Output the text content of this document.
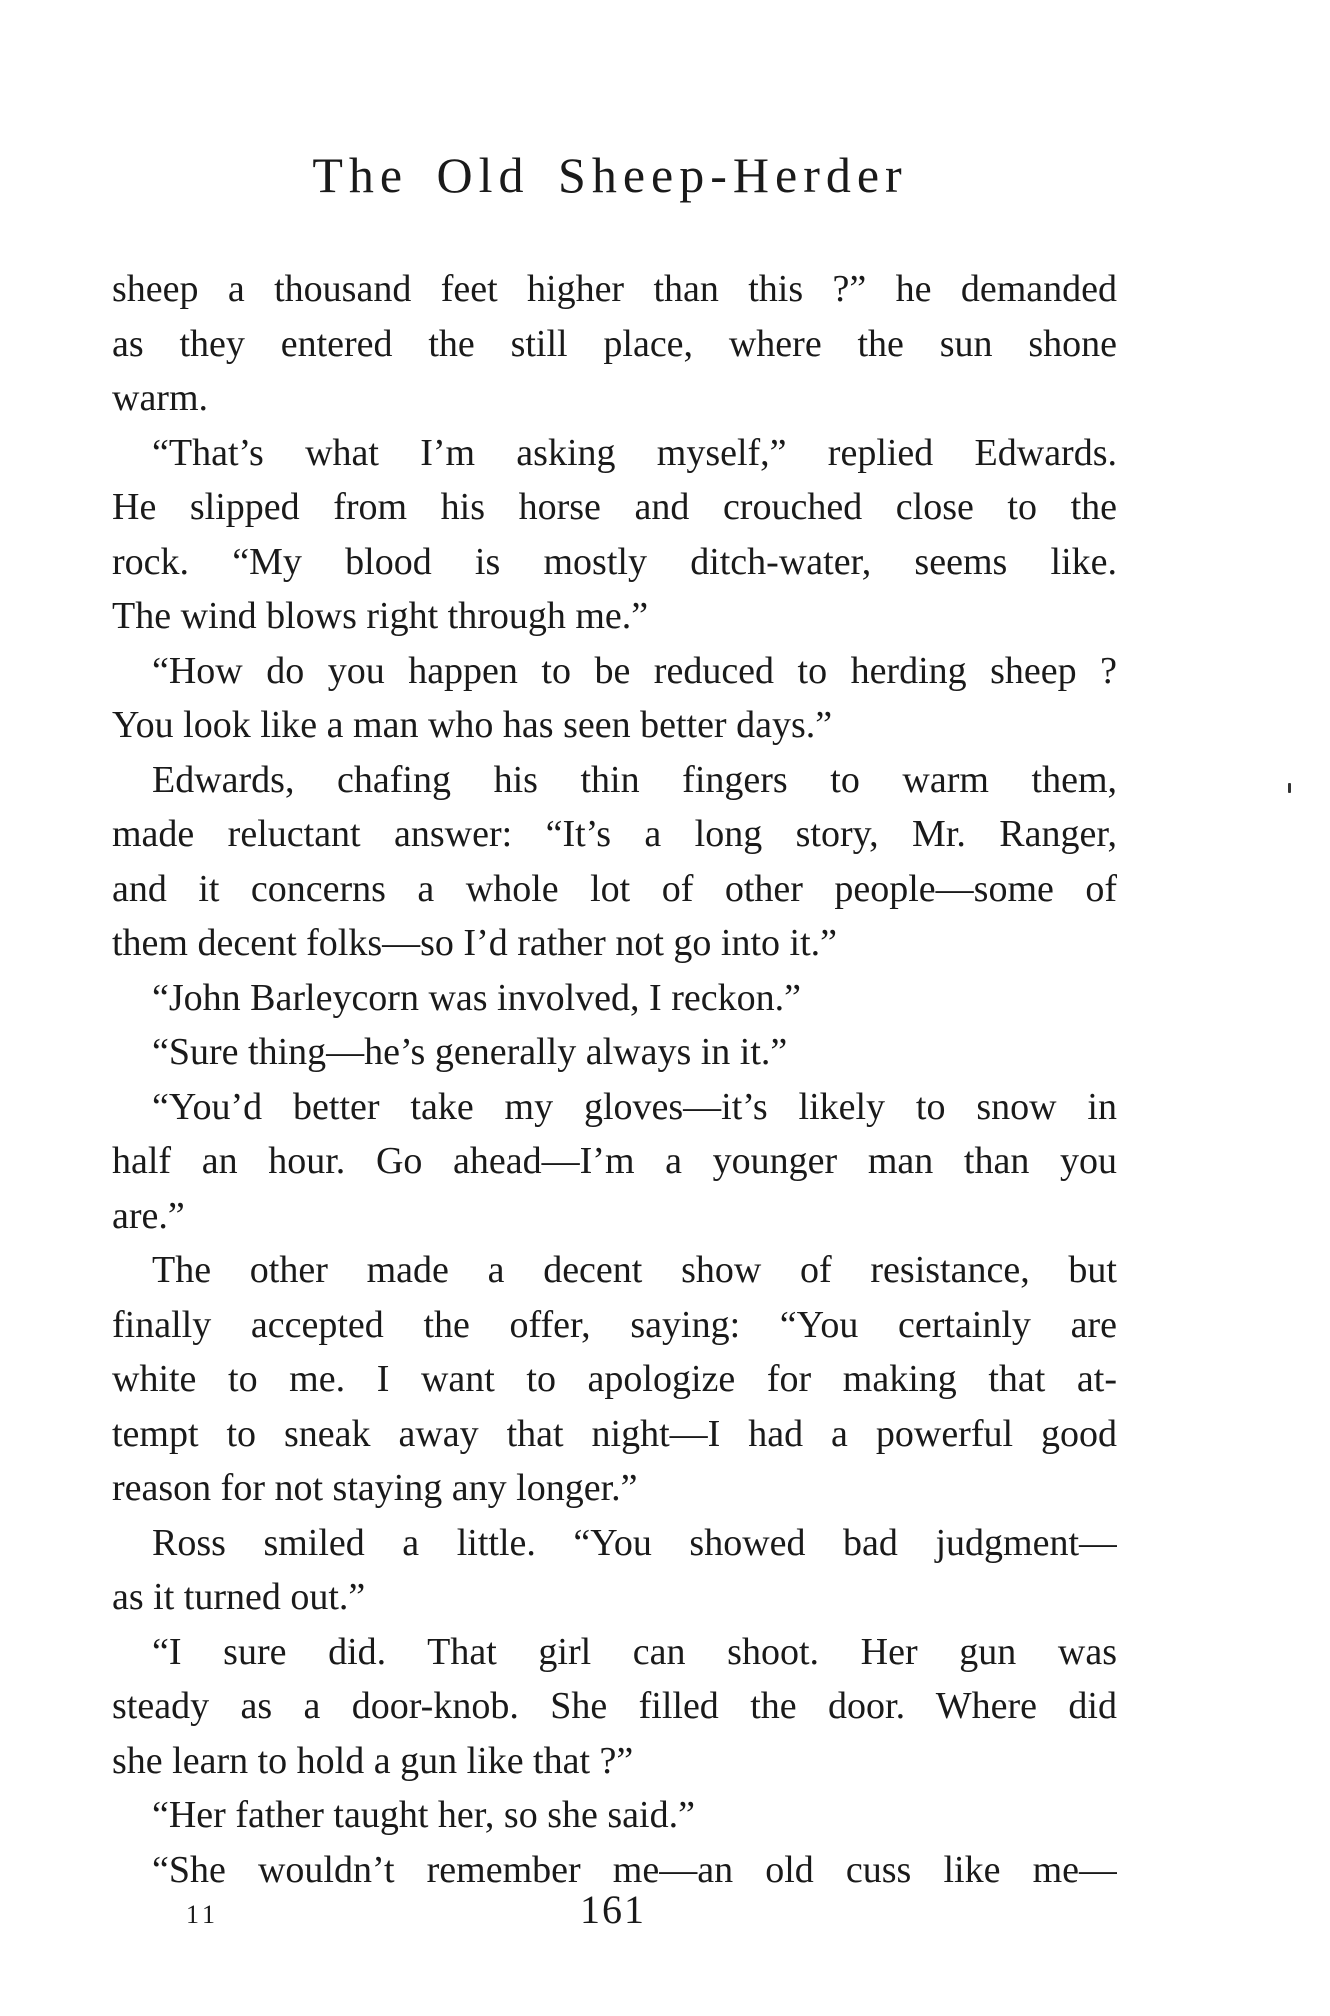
The Old Sheep-Herder
sheep a thousand feet higher than this ?” he demanded
as they entered the still place, where the sun shone
warm.
“That’s what I’m asking myself,” replied Edwards.
He slipped from his horse and crouched close to the
rock. “My blood is mostly ditch-water, seems like.
The wind blows right through me.”
“How do you happen to be reduced to herding sheep ?
You look like a man who has seen better days.”
Edwards, chafing his thin fingers to warm them,
made reluctant answer: “It’s a long story, Mr. Ranger,
and it concerns a whole lot of other people—some of
them decent folks—so I’d rather not go into it.”
“John Barleycorn was involved, I reckon.”
“Sure thing—he’s generally always in it.”
“You’d better take my gloves—it’s likely to snow in
half an hour. Go ahead—I’m a younger man than you
are.”
The other made a decent show of resistance, but
finally accepted the offer, saying: “You certainly are
white to me. I want to apologize for making that at-
tempt to sneak away that night—I had a powerful good
reason for not staying any longer.”
Ross smiled a little. “You showed bad judgment—
as it turned out.”
“I sure did. That girl can shoot. Her gun was
steady as a door-knob. She filled the door. Where did
she learn to hold a gun like that ?”
“Her father taught her, so she said.”
“She wouldn’t remember me—an old cuss like me—
11	161
